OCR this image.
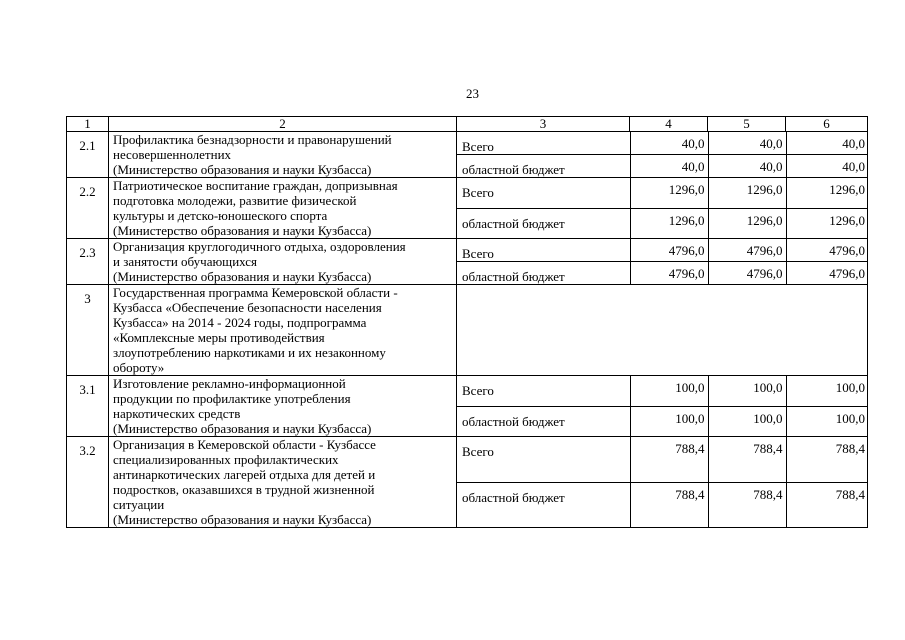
23
1	2	3	4	5	6
2.1	Профилактика безнадзорности и правонарушений
несовершеннолетних
(Министерство образования и науки Кузбасса)

Всего	40,0	40,0	40,0
областной бюджет	40,0	40,0	40,0

2.2	Патриотическое воспитание граждан, допризывная
подготовка молодежи, развитие физической
культуры и детско-юношеского спорта
(Министерство образования и науки Кузбасса)

Всего	1296,0	1296,0	1296,0
областной бюджет	1296,0	1296,0	1296,0

2.3	Организация круглогодичного отдыха, оздоровления
и занятости обучающихся
(Министерство образования и науки Кузбасса)

Всего	4796,0	4796,0	4796,0
областной бюджет	4796,0	4796,0	4796,0

3	Государственная программа Кемеровской области -
Кузбасса «Обеспечение безопасности населения
Кузбасса» на 2014 - 2024 годы, подпрограмма
«Комплексные меры противодействия
злоупотреблению наркотиками и их незаконному
обороту»

3.1	Изготовление рекламно-информационной
продукции по профилактике употребления
наркотических средств
(Министерство образования и науки Кузбасса)

Всего	100,0	100,0	100,0
областной бюджет	100,0	100,0	100,0

3.2	Организация в Кемеровской области - Кузбассе
специализированных профилактических
антинаркотических лагерей отдыха для детей и
подростков, оказавшихся в трудной жизненной
ситуации
(Министерство образования и науки Кузбасса)

Всего	788,4	788,4	788,4
областной бюджет	788,4	788,4	788,4
